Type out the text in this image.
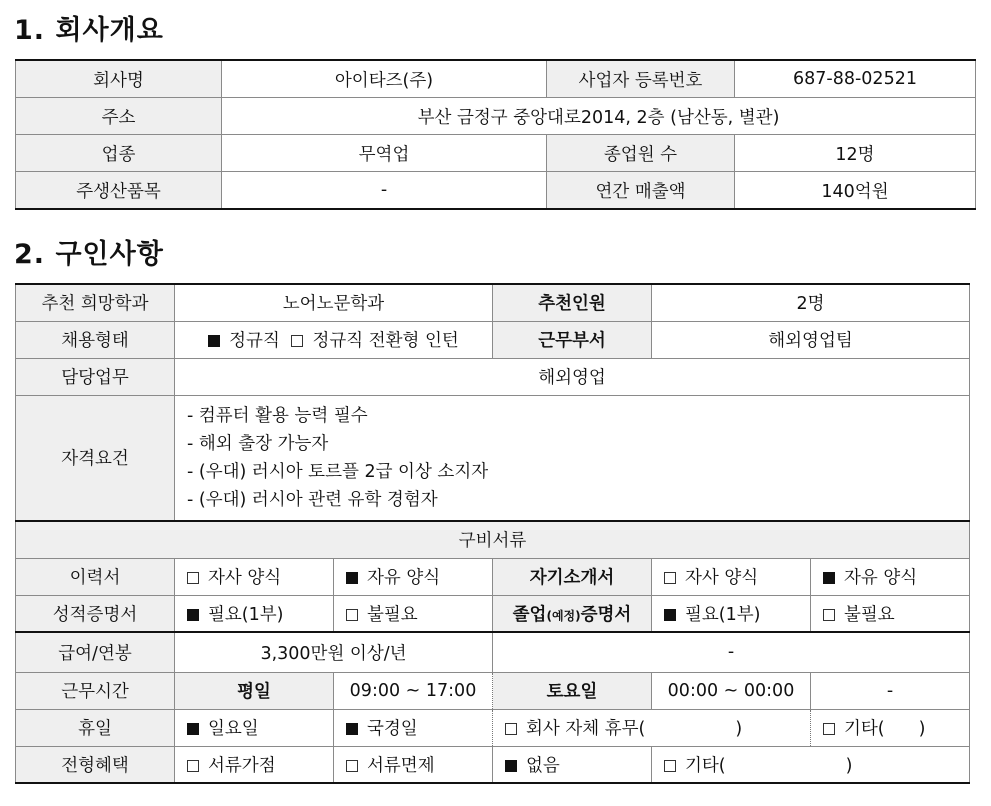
1. 회사개요
회사명	아이타즈(주)	사업자 등록번호	687-88-02521
주소	부산 금정구 중앙대로2014, 2층 (남산동, 별관)		
업종	무역업	종업원 수	12명
주생산품목	-	연간 매출액	140억원
2. 구인사항
추천 희망학과	노어노문학과		추천인원	2명	
채용형태	정규직 정규직 전환형 인턴		근무부서	해외영업팀	
담당업무	해외영업				
자격요건	- 컴퓨터 활용 능력 필수
- 해외 출장 가능자
- (우대) 러시아 토르플 2급 이상 소지자
- (우대) 러시아 관련 유학 경험자				

구비서류					
이력서	자사 양식	자유 양식	자기소개서	자사 양식	자유 양식
성적증명서	필요(1부)	불필요	졸업(예정)증명서	필요(1부)	불필요
급여/연봉	3,300만원 이상/년		-		
근무시간	평일	09:00 ~ 17:00	토요일	00:00 ~ 00:00	-
휴일	일요일	국경일	회사 자체 휴무( )		기타( )
전형혜택	서류가점	서류면제	없음	기타( )	
